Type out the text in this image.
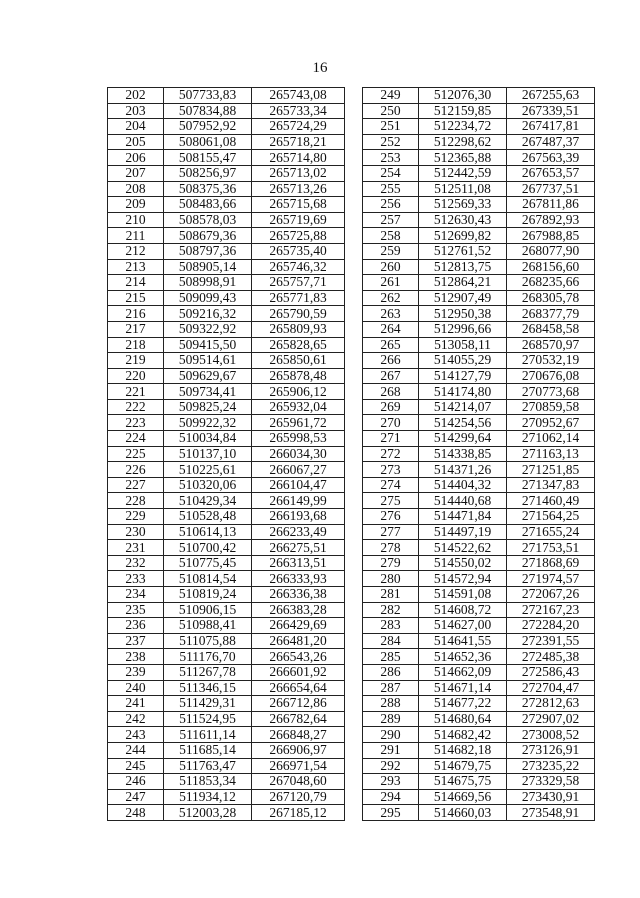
16
202	507733,83	265743,08
203	507834,88	265733,34
204	507952,92	265724,29
205	508061,08	265718,21
206	508155,47	265714,80
207	508256,97	265713,02
208	508375,36	265713,26
209	508483,66	265715,68
210	508578,03	265719,69
211	508679,36	265725,88
212	508797,36	265735,40
213	508905,14	265746,32
214	508998,91	265757,71
215	509099,43	265771,83
216	509216,32	265790,59
217	509322,92	265809,93
218	509415,50	265828,65
219	509514,61	265850,61
220	509629,67	265878,48
221	509734,41	265906,12
222	509825,24	265932,04
223	509922,32	265961,72
224	510034,84	265998,53
225	510137,10	266034,30
226	510225,61	266067,27
227	510320,06	266104,47
228	510429,34	266149,99
229	510528,48	266193,68
230	510614,13	266233,49
231	510700,42	266275,51
232	510775,45	266313,51
233	510814,54	266333,93
234	510819,24	266336,38
235	510906,15	266383,28
236	510988,41	266429,69
237	511075,88	266481,20
238	511176,70	266543,26
239	511267,78	266601,92
240	511346,15	266654,64
241	511429,31	266712,86
242	511524,95	266782,64
243	511611,14	266848,27
244	511685,14	266906,97
245	511763,47	266971,54
246	511853,34	267048,60
247	511934,12	267120,79
248	512003,28	267185,12
249	512076,30	267255,63
250	512159,85	267339,51
251	512234,72	267417,81
252	512298,62	267487,37
253	512365,88	267563,39
254	512442,59	267653,57
255	512511,08	267737,51
256	512569,33	267811,86
257	512630,43	267892,93
258	512699,82	267988,85
259	512761,52	268077,90
260	512813,75	268156,60
261	512864,21	268235,66
262	512907,49	268305,78
263	512950,38	268377,79
264	512996,66	268458,58
265	513058,11	268570,97
266	514055,29	270532,19
267	514127,79	270676,08
268	514174,80	270773,68
269	514214,07	270859,58
270	514254,56	270952,67
271	514299,64	271062,14
272	514338,85	271163,13
273	514371,26	271251,85
274	514404,32	271347,83
275	514440,68	271460,49
276	514471,84	271564,25
277	514497,19	271655,24
278	514522,62	271753,51
279	514550,02	271868,69
280	514572,94	271974,57
281	514591,08	272067,26
282	514608,72	272167,23
283	514627,00	272284,20
284	514641,55	272391,55
285	514652,36	272485,38
286	514662,09	272586,43
287	514671,14	272704,47
288	514677,22	272812,63
289	514680,64	272907,02
290	514682,42	273008,52
291	514682,18	273126,91
292	514679,75	273235,22
293	514675,75	273329,58
294	514669,56	273430,91
295	514660,03	273548,91
